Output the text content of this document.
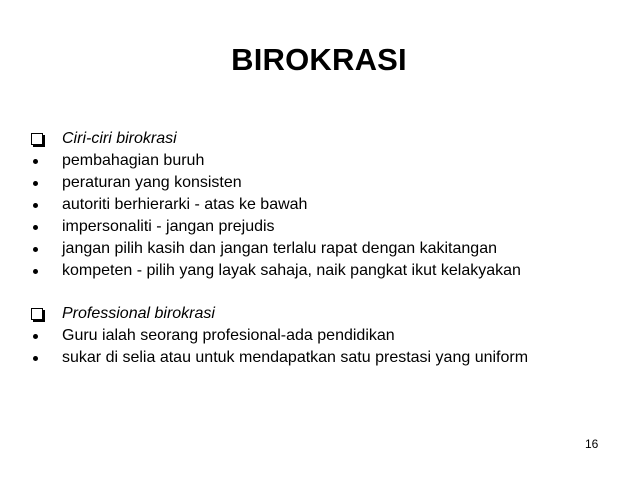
BIROKRASI
Ciri-ciri birokrasi
pembahagian buruh
peraturan yang konsisten
autoriti berhierarki - atas ke bawah
impersonaliti - jangan prejudis
jangan pilih kasih dan jangan terlalu rapat dengan kakitangan
kompeten - pilih yang layak sahaja, naik pangkat ikut kelakyakan
Professional birokrasi
Guru ialah seorang profesional-ada pendidikan
sukar di selia atau untuk mendapatkan satu prestasi yang uniform
16
